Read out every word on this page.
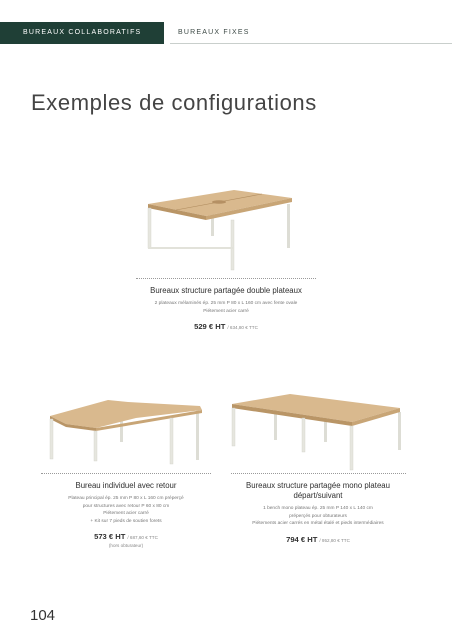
BUREAUX COLLABORATIFS	BUREAUX FIXES
Exemples de configurations
Bureaux structure partagée double plateaux
2 plateaux mélaminés ép. 25 mm P 80 x L 160 cm avec fente ovale
Piétement acier carré
529 € HT / 634,80 € TTC
Bureau individuel avec retour
Plateau principal ép. 25 mm P 80 x L 160 cm préperçé
pour structures avec retour P 60 x 80 cm
Piétement acier carré
+ Kit sur 7 pieds de soutien forets
573 € HT / 687,60 € TTC
(hors obturateur)
Bureaux structure partagée mono plateau
départ/suivant
1 bench mono plateau ép. 25 mm P 140 x L 140 cm
préperçés pour obturateurs
Piétements acier carrés en métal étalé et pieds intermédiaires
794 € HT / 952,80 € TTC
104
